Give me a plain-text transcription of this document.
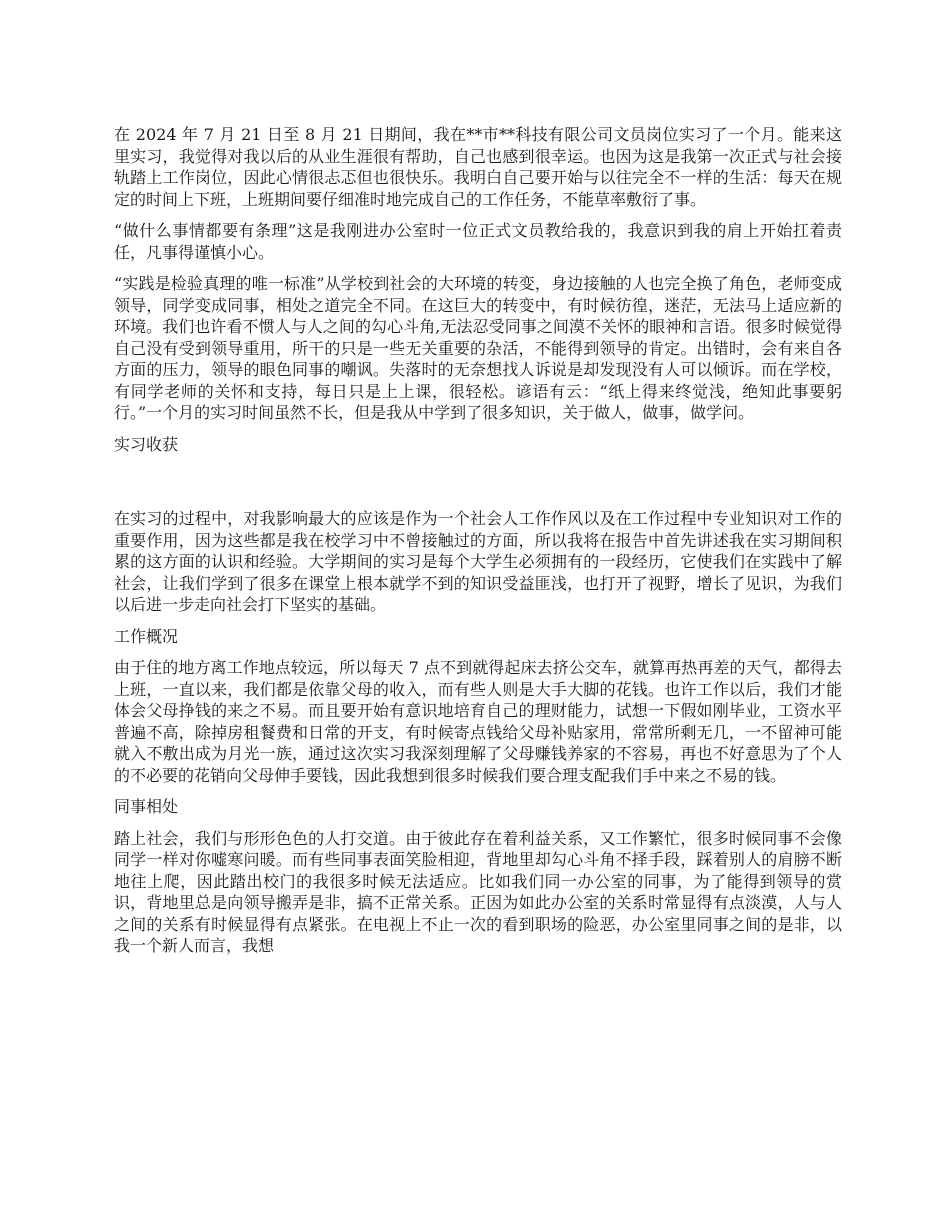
在 2024 年 7 月 21 日至 8 月 21 日期间，我在**市**科技有限公司文员岗位实习了一个月。能来这里实习，我觉得对我以后的从业生涯很有帮助，自己也感到很幸运。也因为这是我第一次正式与社会接轨踏上工作岗位，因此心情很忐忑但也很快乐。我明白自己要开始与以往完全不一样的生活：每天在规定的时间上下班，上班期间要仔细准时地完成自己的工作任务，不能草率敷衍了事。

“做什么事情都要有条理”这是我刚进办公室时一位正式文员教给我的，我意识到我的肩上开始扛着责任，凡事得谨慎小心。

“实践是检验真理的唯一标准”从学校到社会的大环境的转变，身边接触的人也完全换了角色，老师变成领导，同学变成同事，相处之道完全不同。在这巨大的转变中，有时候彷徨，迷茫，无法马上适应新的环境。我们也许看不惯人与人之间的勾心斗角,无法忍受同事之间漠不关怀的眼神和言语。很多时候觉得自己没有受到领导重用，所干的只是一些无关重要的杂活，不能得到领导的肯定。出错时，会有来自各方面的压力，领导的眼色同事的嘲讽。失落时的无奈想找人诉说是却发现没有人可以倾诉。而在学校，有同学老师的关怀和支持，每日只是上上课，很轻松。谚语有云：“纸上得来终觉浅，绝知此事要躬行。”一个月的实习时间虽然不长，但是我从中学到了很多知识，关于做人，做事，做学问。

实习收获

在实习的过程中，对我影响最大的应该是作为一个社会人工作作风以及在工作过程中专业知识对工作的重要作用，因为这些都是我在校学习中不曾接触过的方面，所以我将在报告中首先讲述我在实习期间积累的这方面的认识和经验。大学期间的实习是每个大学生必须拥有的一段经历，它使我们在实践中了解社会，让我们学到了很多在课堂上根本就学不到的知识受益匪浅，也打开了视野，增长了见识，为我们以后进一步走向社会打下坚实的基础。

工作概况

由于住的地方离工作地点较远，所以每天 7 点不到就得起床去挤公交车，就算再热再差的天气，都得去上班，一直以来，我们都是依靠父母的收入，而有些人则是大手大脚的花钱。也许工作以后，我们才能体会父母挣钱的来之不易。而且要开始有意识地培育自己的理财能力，试想一下假如刚毕业，工资水平普遍不高，除掉房租餐费和日常的开支，有时候寄点钱给父母补贴家用，常常所剩无几，一不留神可能就入不敷出成为月光一族，通过这次实习我深刻理解了父母赚钱养家的不容易，再也不好意思为了个人的不必要的花销向父母伸手要钱，因此我想到很多时候我们要合理支配我们手中来之不易的钱。

同事相处

踏上社会，我们与形形色色的人打交道。由于彼此存在着利益关系，又工作繁忙，很多时候同事不会像同学一样对你嘘寒问暖。而有些同事表面笑脸相迎，背地里却勾心斗角不择手段，踩着别人的肩膀不断地往上爬，因此踏出校门的我很多时候无法适应。比如我们同一办公室的同事，为了能得到领导的赏识，背地里总是向领导搬弄是非，搞不正常关系。正因为如此办公室的关系时常显得有点淡漠，人与人之间的关系有时候显得有点紧张。在电视上不止一次的看到职场的险恶，办公室里同事之间的是非，以我一个新人而言，我想
